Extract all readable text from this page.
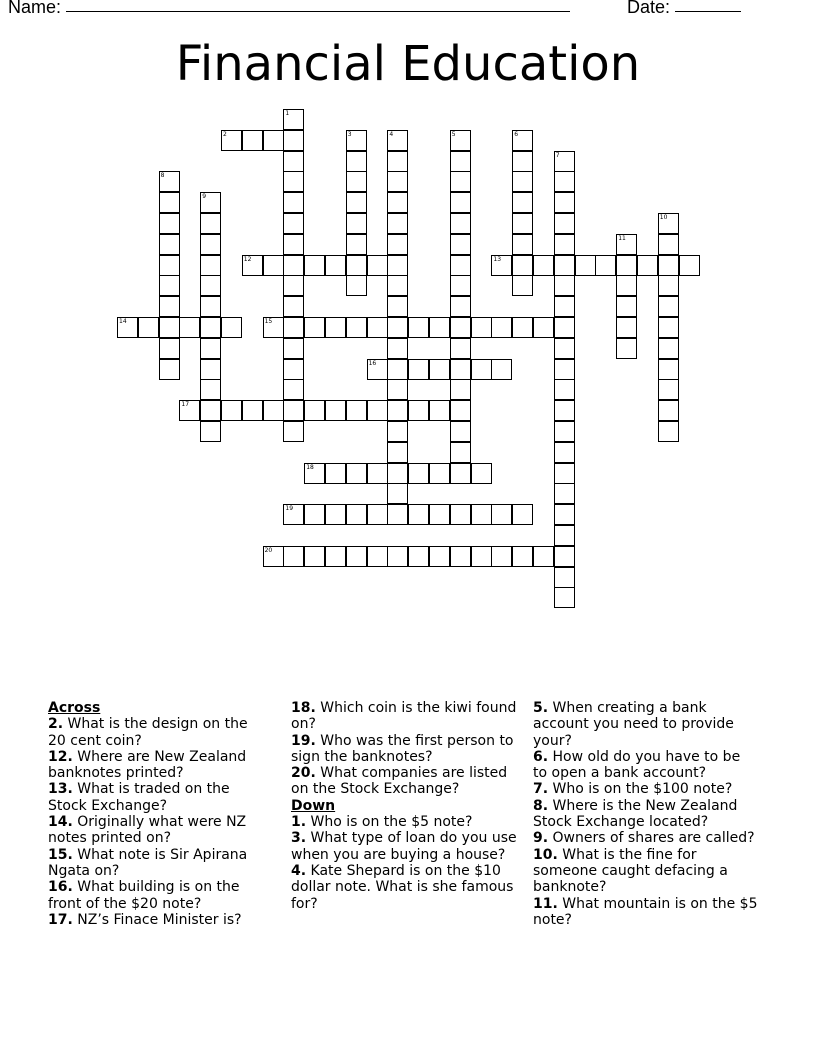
Name:	Date:
Financial Education
1
2	3	4	5	6
7
8
9
10
11
12	13
14	15
16
17
18
19
20
Across
2. What is the design on the 20 cent coin?
12. Where are New Zealand banknotes printed?
13. What is traded on the Stock Exchange?
14. Originally what were NZ notes printed on?
15. What note is Sir Apirana Ngata on?
16. What building is on the front of the $20 note?
17. NZ’s Finace Minister is?
18. Which coin is the kiwi found on?
19. Who was the first person to sign the banknotes?
20. What companies are listed on the Stock Exchange?
Down
1. Who is on the $5 note?
3. What type of loan do you use when you are buying a house?
4. Kate Shepard is on the $10 dollar note. What is she famous for?
5. When creating a bank account you need to provide your?
6. How old do you have to be to open a bank account?
7. Who is on the $100 note?
8. Where is the New Zealand Stock Exchange located?
9. Owners of shares are called?
10. What is the fine for someone caught defacing a banknote?
11. What mountain is on the $5 note?
